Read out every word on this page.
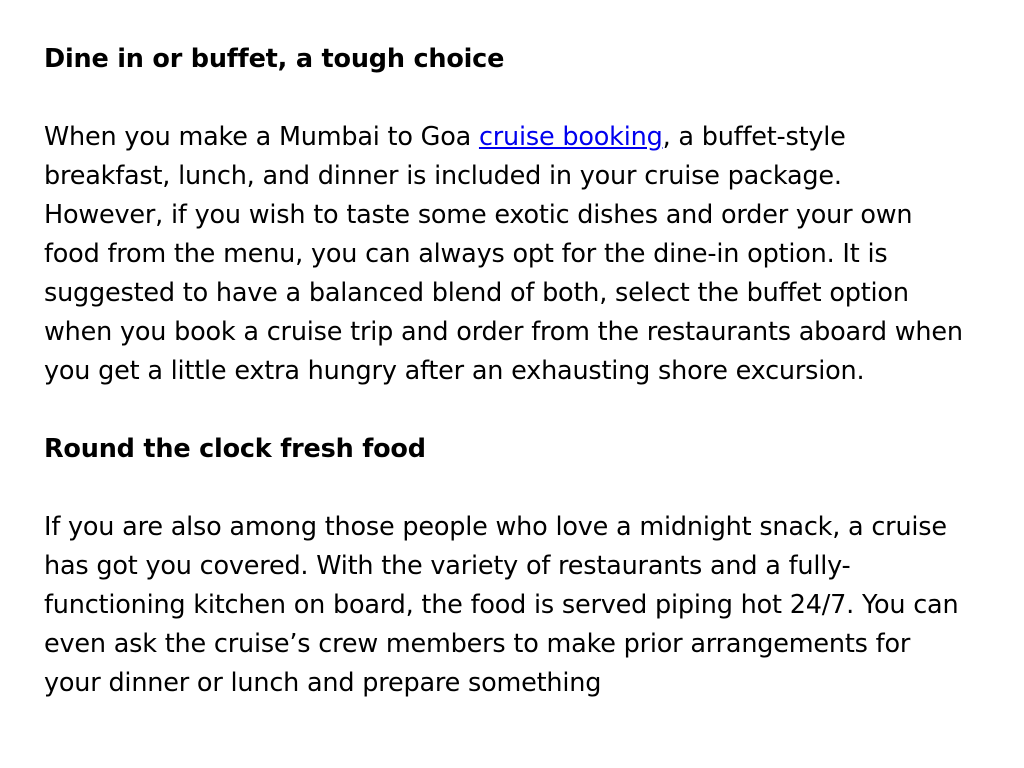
Dine in or buffet, a tough choice

When you make a Mumbai to Goa cruise booking, a buffet-style breakfast, lunch, and dinner is included in your cruise package. However, if you wish to taste some exotic dishes and order your own food from the menu, you can always opt for the dine-in option. It is suggested to have a balanced blend of both, select the buffet option when you book a cruise trip and order from the restaurants aboard when you get a little extra hungry after an exhausting shore excursion.

Round the clock fresh food

If you are also among those people who love a midnight snack, a cruise has got you covered. With the variety of restaurants and a fully-functioning kitchen on board, the food is served piping hot 24/7. You can even ask the cruise’s crew members to make prior arrangements for your dinner or lunch and prepare something
